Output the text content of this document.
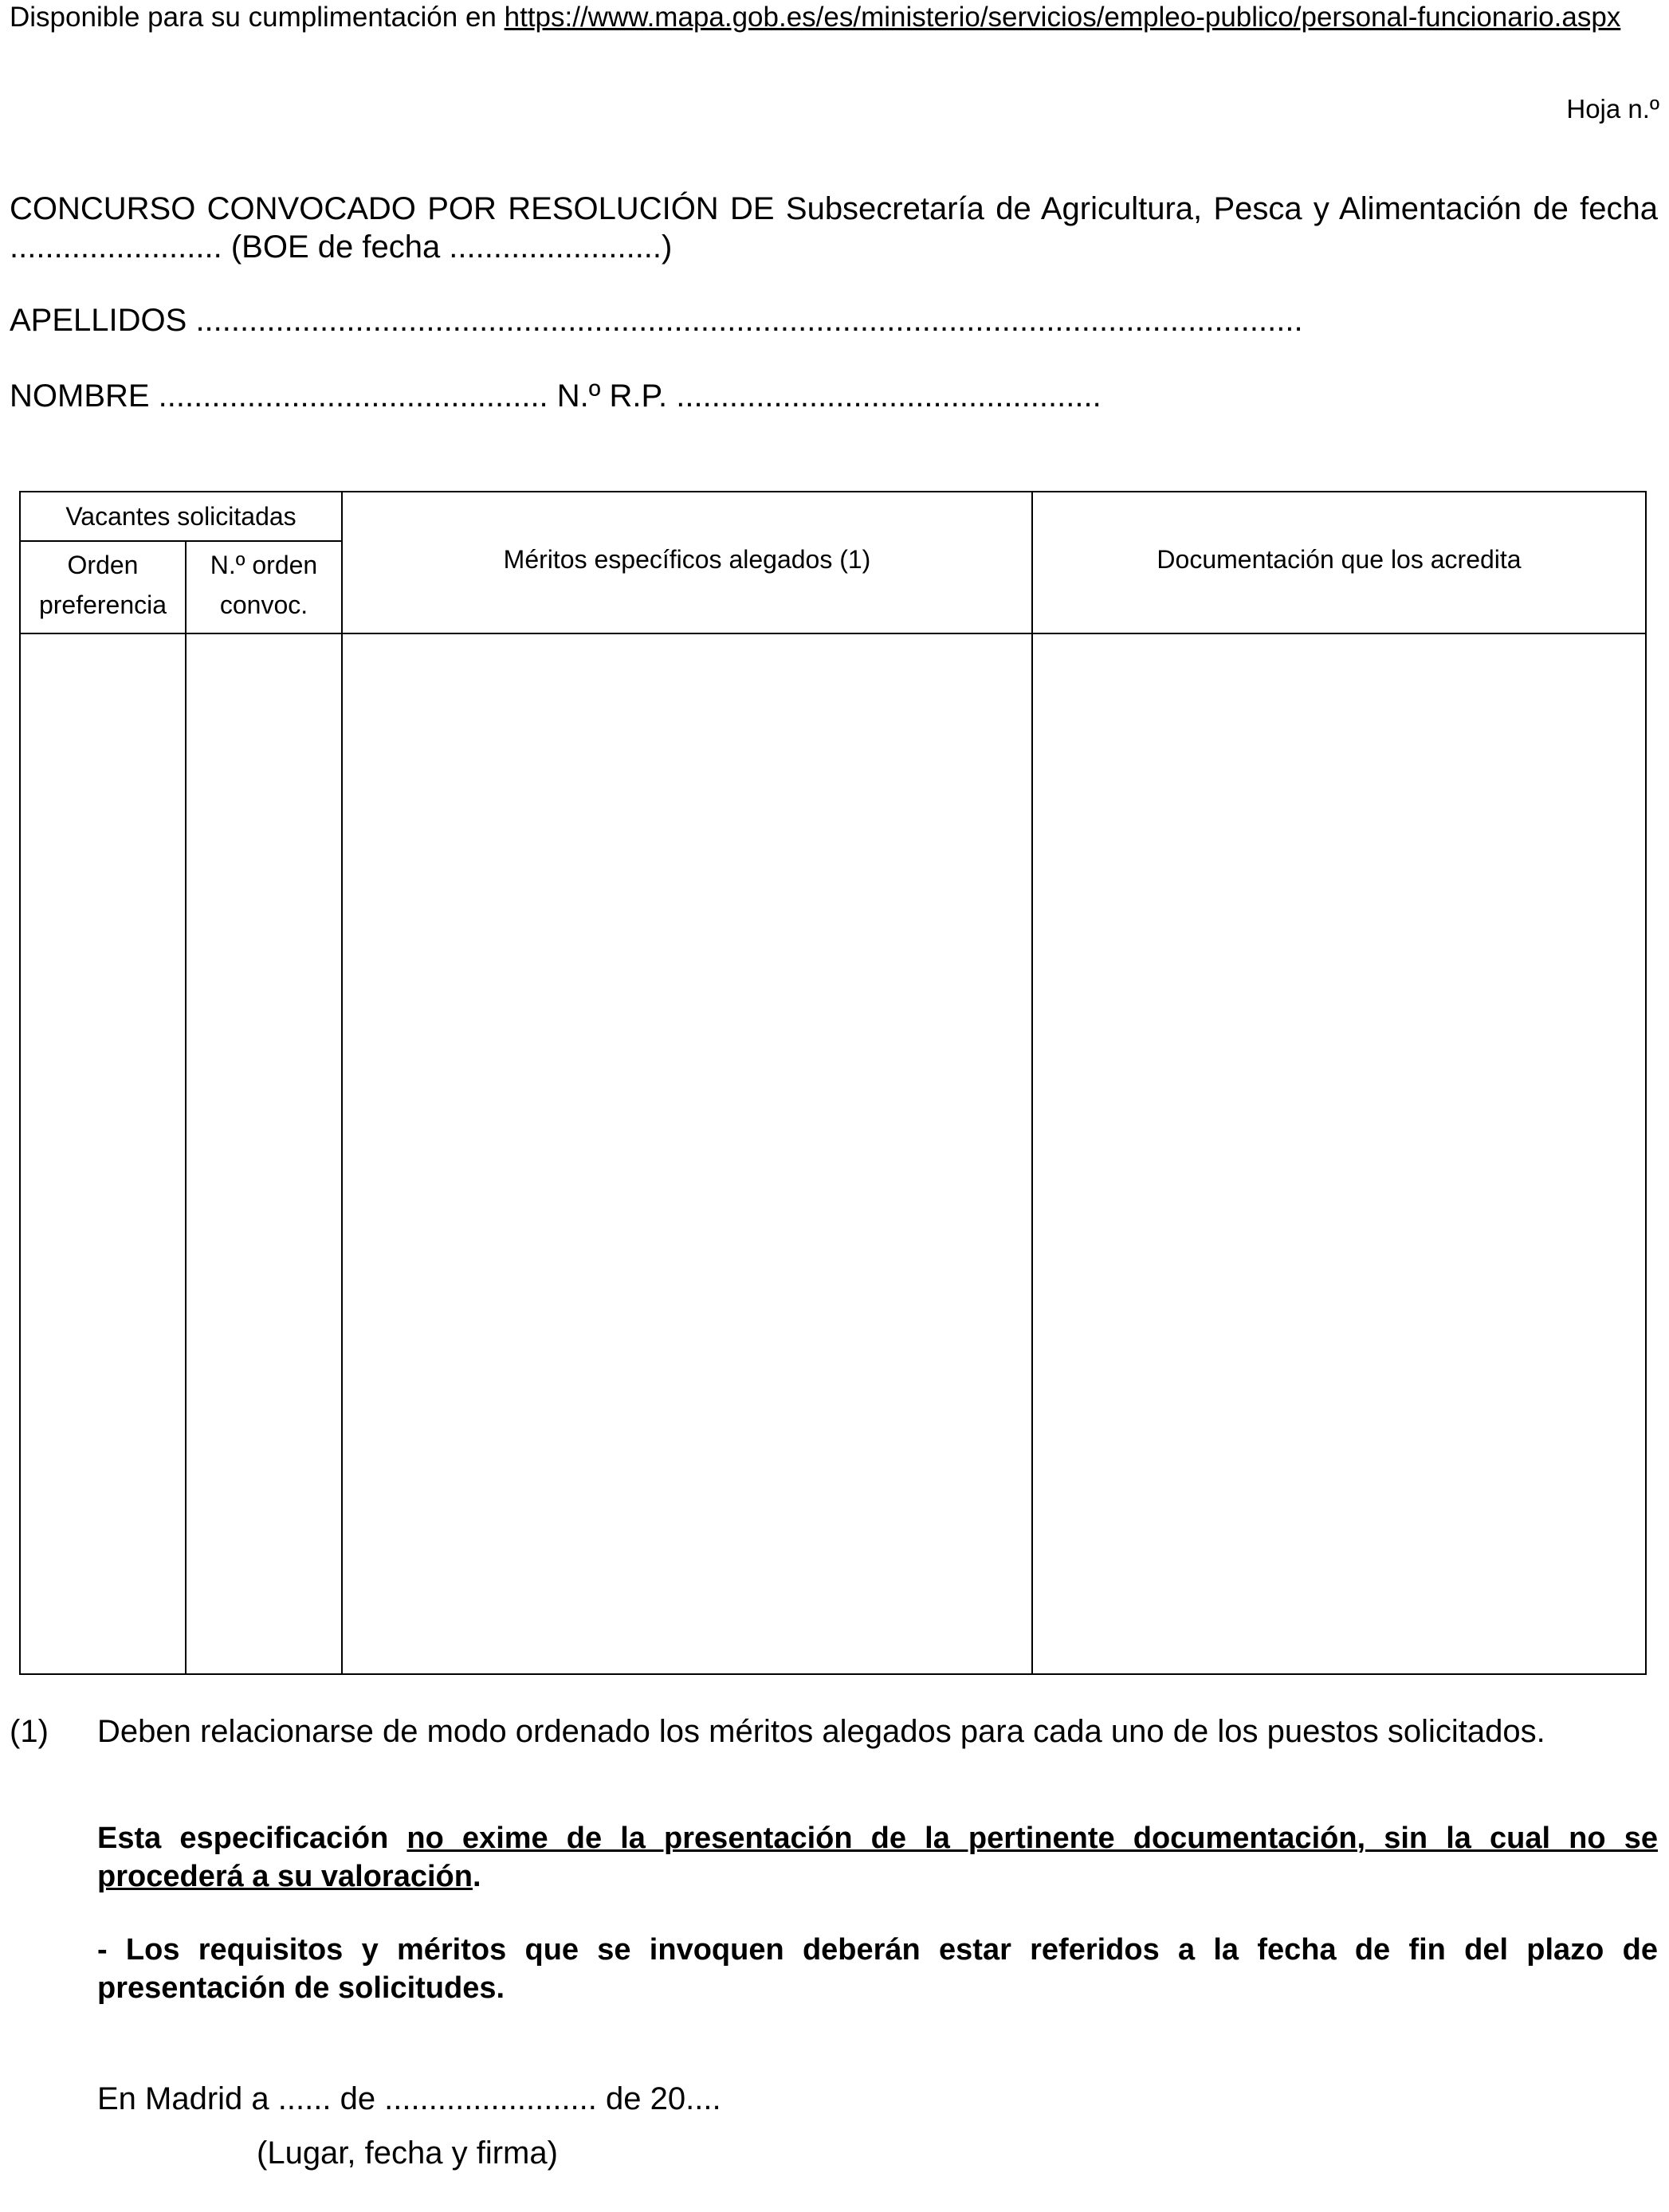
Disponible para su cumplimentación en https://www.mapa.gob.es/es/ministerio/servicios/empleo-publico/personal-funcionario.aspx
Hoja n.º
CONCURSO CONVOCADO POR RESOLUCIÓN DE Subsecretaría de Agricultura, Pesca y Alimentación de fecha ........................ (BOE de fecha ........................)
APELLIDOS .............................................................................................................................
NOMBRE ............................................ N.º R.P. ................................................
Vacantes solicitadas
Orden
preferencia
N.º orden
convoc.
Méritos específicos alegados (1)	Documentación que los acredita
(1) Deben relacionarse de modo ordenado los méritos alegados para cada uno de los puestos solicitados.
Esta especificación no exime de la presentación de la pertinente documentación, sin la cual no se procederá a su valoración.
- Los requisitos y méritos que se invoquen deberán estar referidos a la fecha de fin del plazo de presentación de solicitudes.
En Madrid a ...... de ........................ de 20....
(Lugar, fecha y firma)
